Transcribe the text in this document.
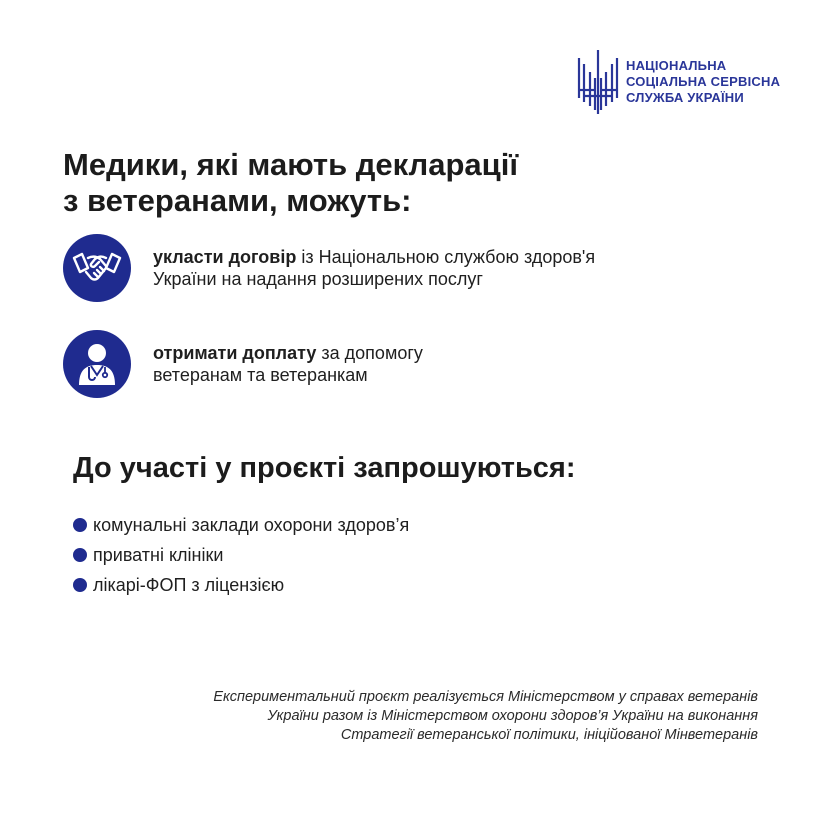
НАЦІОНАЛЬНА
СОЦІАЛЬНА СЕРВІСНА
СЛУЖБА УКРАЇНИ
Медики, які мають декларації
з ветеранами, можуть:
укласти договір із Національною службою здоров'я
України на надання розширених послуг
отримати доплату за допомогу
ветеранам та ветеранкам
До участі у проєкті запрошуються:
комунальні заклади охорони здоров’я
приватні клініки
лікарі-ФОП з ліцензією
Експериментальний проєкт реалізується Міністерством у справах ветеранів
України разом із Міністерством охорони здоров’я України на виконання
Стратегії ветеранської політики, ініційованої Мінветеранів
